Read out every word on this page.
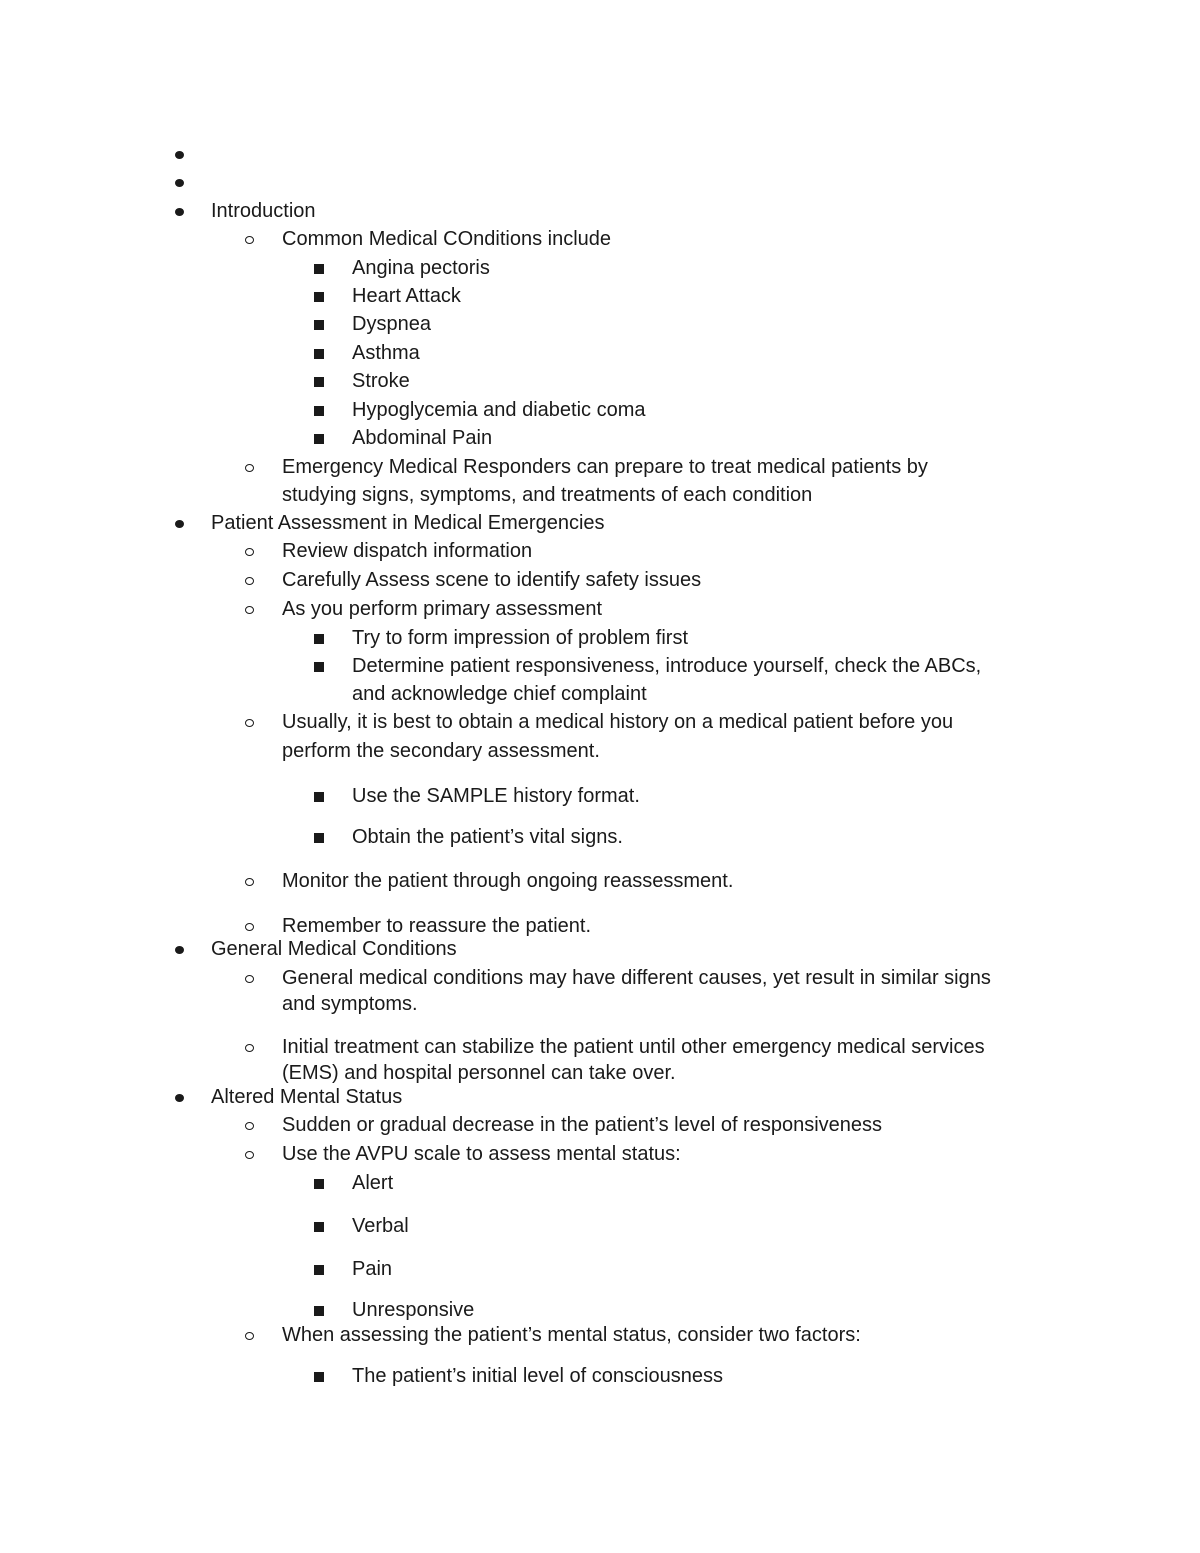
Introduction
Common Medical COnditions include
Angina pectoris
Heart Attack
Dyspnea
Asthma
Stroke
Hypoglycemia and diabetic coma
Abdominal Pain
Emergency Medical Responders can prepare to treat medical patients by
studying signs, symptoms, and treatments of each condition
Patient Assessment in Medical Emergencies
Review dispatch information
Carefully Assess scene to identify safety issues
As you perform primary assessment
Try to form impression of problem first
Determine patient responsiveness, introduce yourself, check the ABCs,
and acknowledge chief complaint
Usually, it is best to obtain a medical history on a medical patient before you
perform the secondary assessment.
Use the SAMPLE history format.
Obtain the patient’s vital signs.
Monitor the patient through ongoing reassessment.
Remember to reassure the patient.
General Medical Conditions
General medical conditions may have different causes, yet result in similar signs
and symptoms.
Initial treatment can stabilize the patient until other emergency medical services
(EMS) and hospital personnel can take over.
Altered Mental Status
Sudden or gradual decrease in the patient’s level of responsiveness
Use the AVPU scale to assess mental status:
Alert
Verbal
Pain
Unresponsive
When assessing the patient’s mental status, consider two factors:
The patient’s initial level of consciousness
